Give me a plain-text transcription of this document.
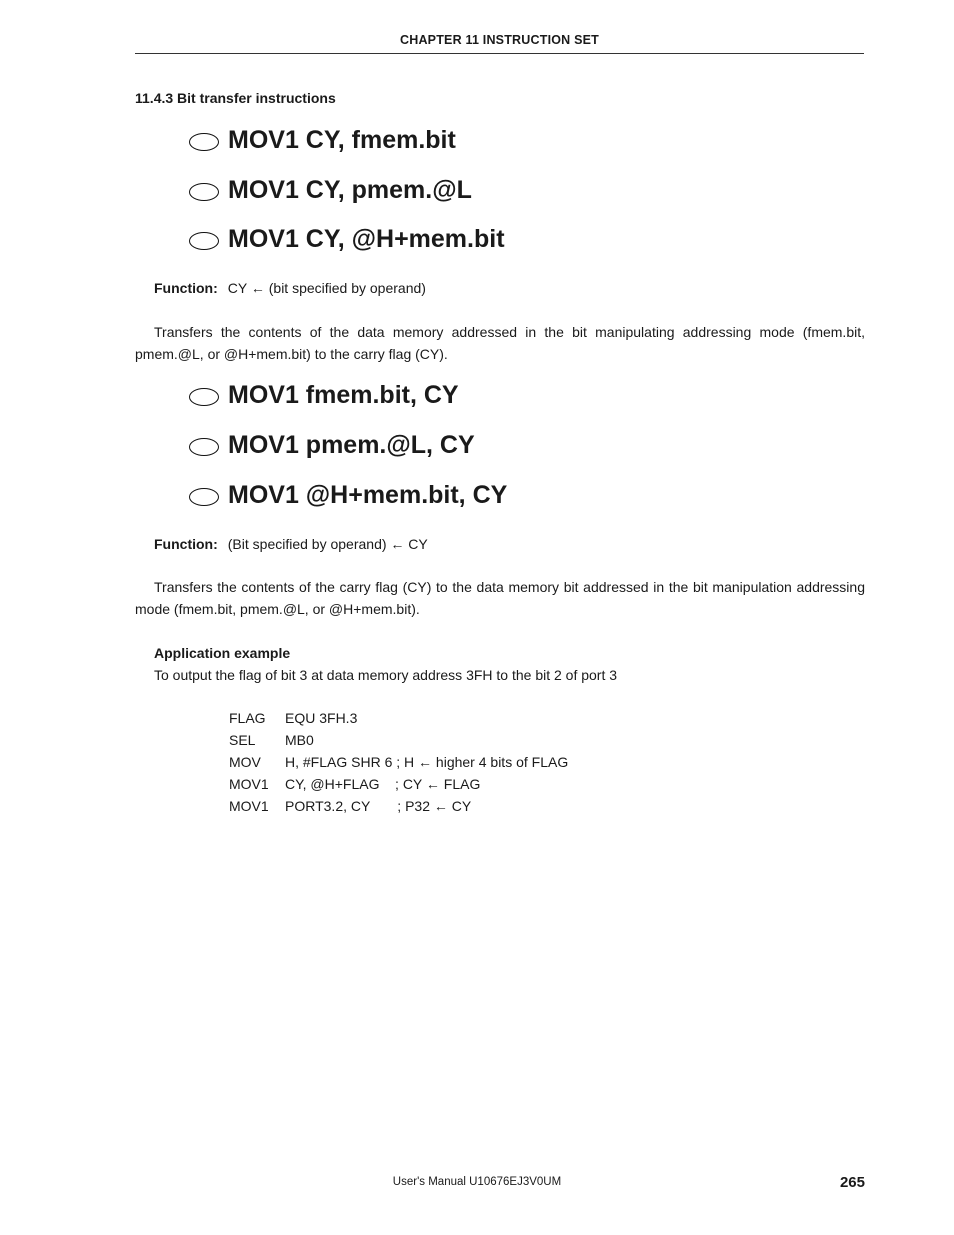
CHAPTER 11 INSTRUCTION SET
11.4.3 Bit transfer instructions
MOV1 CY, fmem.bit
MOV1 CY, pmem.@L
MOV1 CY, @H+mem.bit
Function: CY ← (bit specified by operand)
Transfers the contents of the data memory addressed in the bit manipulating addressing mode (fmem.bit, pmem.@L, or @H+mem.bit) to the carry flag (CY).
MOV1 fmem.bit, CY
MOV1 pmem.@L, CY
MOV1 @H+mem.bit, CY
Function: (Bit specified by operand) ← CY
Transfers the contents of the carry flag (CY) to the data memory bit addressed in the bit manipulation addressing mode (fmem.bit, pmem.@L, or @H+mem.bit).
Application example
To output the flag of bit 3 at data memory address 3FH to the bit 2 of port 3
FLAG	EQU 3FH.3
SEL	MB0
MOV	H, #FLAG SHR 6 ; H ← higher 4 bits of FLAG
MOV1	CY, @H+FLAG    ; CY ← FLAG
MOV1	PORT3.2, CY       ; P32 ← CY
User's Manual U10676EJ3V0UM	265
